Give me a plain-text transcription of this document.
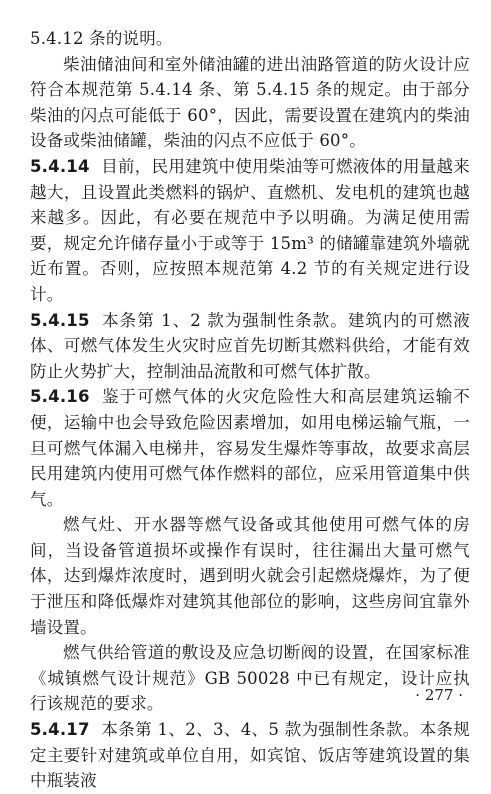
5.4.12 条的说明。

柴油储油间和室外储油罐的进出油路管道的防火设计应符合本规范第 5.4.14 条、第 5.4.15 条的规定。由于部分柴油的闪点可能低于 60°，因此，需要设置在建筑内的柴油设备或柴油储罐，柴油的闪点不应低于 60°。

5.4.14 目前，民用建筑中使用柴油等可燃液体的用量越来越大，且设置此类燃料的锅炉、直燃机、发电机的建筑也越来越多。因此，有必要在规范中予以明确。为满足使用需要，规定允许储存量小于或等于 15m³ 的储罐靠建筑外墙就近布置。否则，应按照本规范第 4.2 节的有关规定进行设计。

5.4.15 本条第 1、2 款为强制性条款。建筑内的可燃液体、可燃气体发生火灾时应首先切断其燃料供给，才能有效防止火势扩大，控制油品流散和可燃气体扩散。

5.4.16 鉴于可燃气体的火灾危险性大和高层建筑运输不便，运输中也会导致危险因素增加，如用电梯运输气瓶，一旦可燃气体漏入电梯井，容易发生爆炸等事故，故要求高层民用建筑内使用可燃气体作燃料的部位，应采用管道集中供气。

燃气灶、开水器等燃气设备或其他使用可燃气体的房间，当设备管道损坏或操作有误时，往往漏出大量可燃气体，达到爆炸浓度时，遇到明火就会引起燃烧爆炸，为了便于泄压和降低爆炸对建筑其他部位的影响，这些房间宜靠外墙设置。

燃气供给管道的敷设及应急切断阀的设置，在国家标准《城镇燃气设计规范》GB 50028 中已有规定，设计应执行该规范的要求。

5.4.17 本条第 1、2、3、4、5 款为强制性条款。本条规定主要针对建筑或单位自用，如宾馆、饭店等建筑设置的集中瓶装液

· 277 ·
